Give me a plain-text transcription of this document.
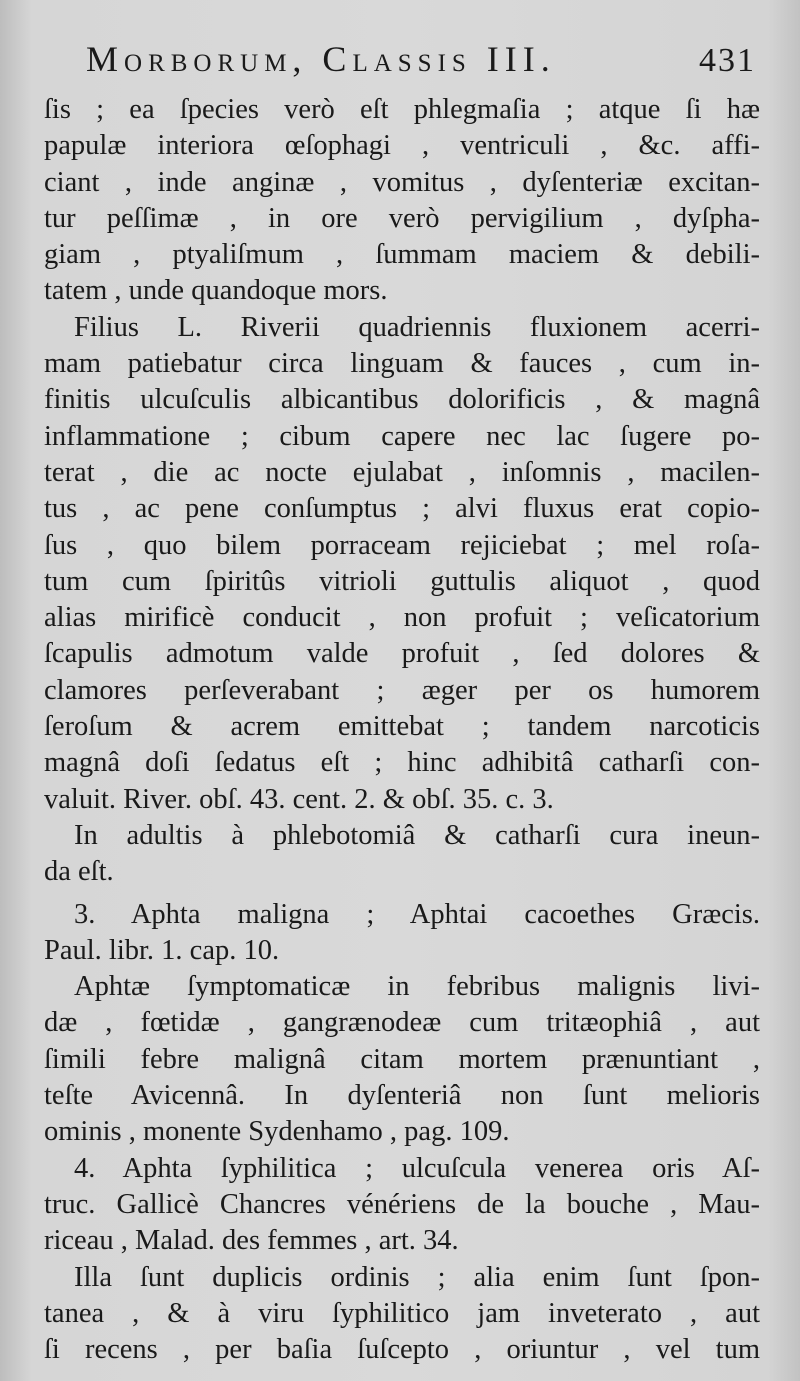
Morborum, Classis III.	431
ſis ; ea ſpecies verò eſt phlegmaſia ; atque ſi hæ
papulæ interiora œſophagi , ventriculi , &c. affi-
ciant , inde anginæ , vomitus , dyſenteriæ excitan-
tur peſſimæ , in ore verò pervigilium , dyſpha-
giam , ptyaliſmum , ſummam maciem & debili-
tatem , unde quandoque mors.
Filius L. Riverii quadriennis fluxionem acerri-
mam patiebatur circa linguam & fauces , cum in-
finitis ulcuſculis albicantibus dolorificis , & magnâ
inflammatione ; cibum capere nec lac ſugere po-
terat , die ac nocte ejulabat , inſomnis , macilen-
tus , ac pene conſumptus ; alvi fluxus erat copio-
ſus , quo bilem porraceam rejiciebat ; mel roſa-
tum cum ſpiritûs vitrioli guttulis aliquot , quod
alias mirificè conducit , non profuit ; veſicatorium
ſcapulis admotum valde profuit , ſed dolores &
clamores perſeverabant ; æger per os humorem
ſeroſum & acrem emittebat ; tandem narcoticis
magnâ doſi ſedatus eſt ; hinc adhibitâ catharſi con-
valuit. River. obſ. 43. cent. 2. & obſ. 35. c. 3.
In adultis à phlebotomiâ & catharſi cura ineun-
da eſt.
3. Aphta maligna ; Aphtai cacoethes Græcis.
Paul. libr. 1. cap. 10.
Aphtæ ſymptomaticæ in febribus malignis livi-
dæ , fœtidæ , gangrænodeæ cum tritæophiâ , aut
ſimili febre malignâ citam mortem prænuntiant ,
teſte Avicennâ. In dyſenteriâ non ſunt melioris
ominis , monente Sydenhamo , pag. 109.
4. Aphta ſyphilitica ; ulcuſcula venerea oris Aſ-
truc. Gallicè Chancres vénériens de la bouche , Mau-
riceau , Malad. des femmes , art. 34.
Illa ſunt duplicis ordinis ; alia enim ſunt ſpon-
tanea , & à viru ſyphilitico jam inveterato , aut
ſi recens , per baſia ſuſcepto , oriuntur , vel tum
